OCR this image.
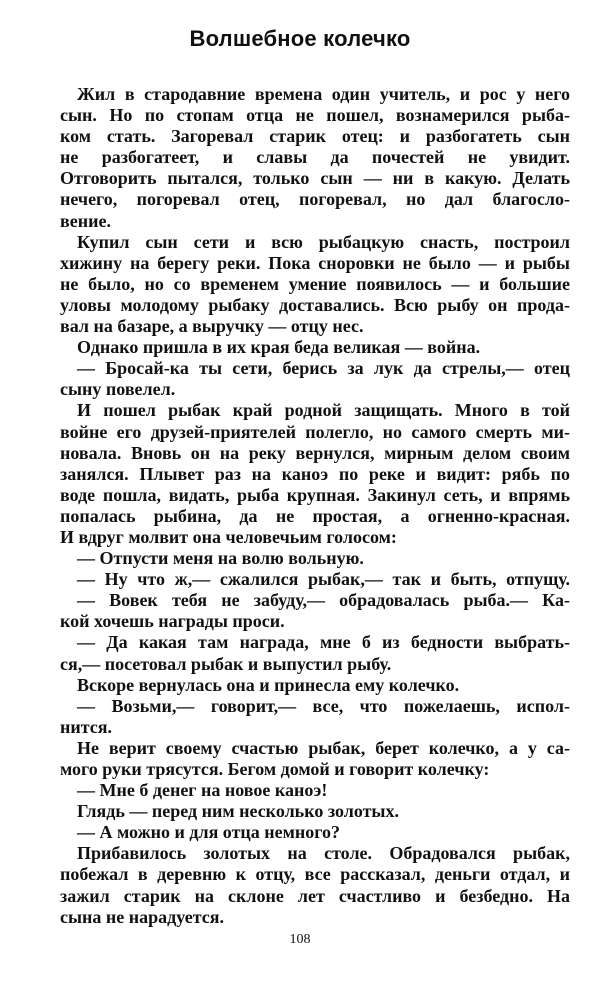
Волшебное колечко
Жил в стародавние времена один учитель, и рос у него
сын. Но по стопам отца не пошел, вознамерился рыба-
ком стать. Загоревал старик отец: и разбогатеть сын
не разбогатеет, и славы да почестей не увидит.
Отговорить пытался, только сын — ни в какую. Делать
нечего, погоревал отец, погоревал, но дал благосло-
вение.
Купил сын сети и всю рыбацкую снасть, построил
хижину на берегу реки. Пока сноровки не было — и рыбы
не было, но со временем умение появилось — и большие
уловы молодому рыбаку доставались. Всю рыбу он прода-
вал на базаре, а выручку — отцу нес.
Однако пришла в их края беда великая — война.
— Бросай-ка ты сети, берись за лук да стрелы,— отец
сыну повелел.
И пошел рыбак край родной защищать. Много в той
войне его друзей-приятелей полегло, но самого смерть ми-
новала. Вновь он на реку вернулся, мирным делом своим
занялся. Плывет раз на каноэ по реке и видит: рябь по
воде пошла, видать, рыба крупная. Закинул сеть, и впрямь
попалась рыбина, да не простая, а огненно-красная.
И вдруг молвит она человечьим голосом:
— Отпусти меня на волю вольную.
— Ну что ж,— сжалился рыбак,— так и быть, отпущу.
— Вовек тебя не забуду,— обрадовалась рыба.— Ка-
кой хочешь награды проси.
— Да какая там награда, мне б из бедности выбрать-
ся,— посетовал рыбак и выпустил рыбу.
Вскоре вернулась она и принесла ему колечко.
— Возьми,— говорит,— все, что пожелаешь, испол-
нится.
Не верит своему счастью рыбак, берет колечко, а у са-
мого руки трясутся. Бегом домой и говорит колечку:
— Мне б денег на новое каноэ!
Глядь — перед ним несколько золотых.
— А можно и для отца немного?
Прибавилось золотых на столе. Обрадовался рыбак,
побежал в деревню к отцу, все рассказал, деньги отдал, и
зажил старик на склоне лет счастливо и безбедно. На
сына не нарадуется.
108
